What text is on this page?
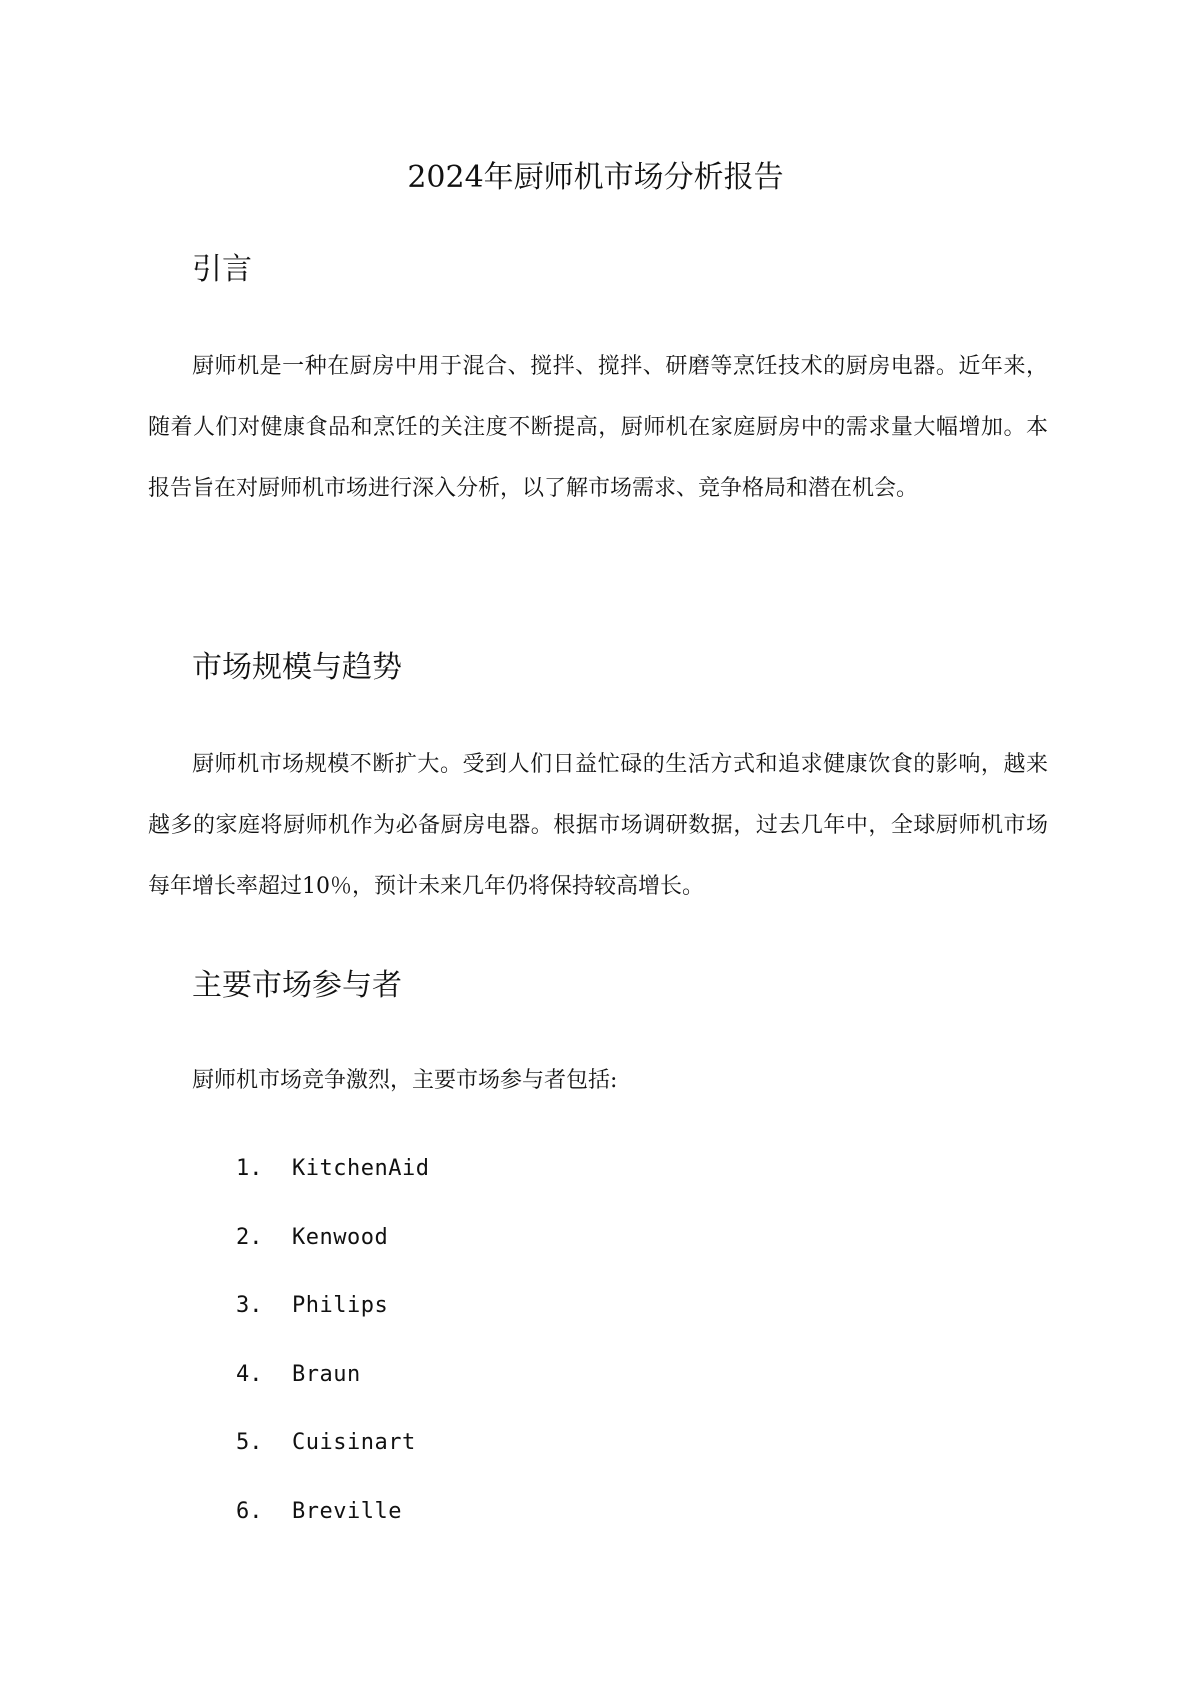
2024年厨师机市场分析报告
引言

厨师机是一种在厨房中用于混合、搅拌、搅拌、研磨等烹饪技术的厨房电器。近年来，随着人们对健康食品和烹饪的关注度不断提高，厨师机在家庭厨房中的需求量大幅增加。本报告旨在对厨师机市场进行深入分析，以了解市场需求、竞争格局和潜在机会。

市场规模与趋势

厨师机市场规模不断扩大。受到人们日益忙碌的生活方式和追求健康饮食的影响，越来越多的家庭将厨师机作为必备厨房电器。根据市场调研数据，过去几年中，全球厨师机市场每年增长率超过10％，预计未来几年仍将保持较高增长。

主要市场参与者

厨师机市场竞争激烈，主要市场参与者包括:

1.	KitchenAid
2.	Kenwood
3.	Philips
4.	Braun
5.	Cuisinart
6.	Breville
